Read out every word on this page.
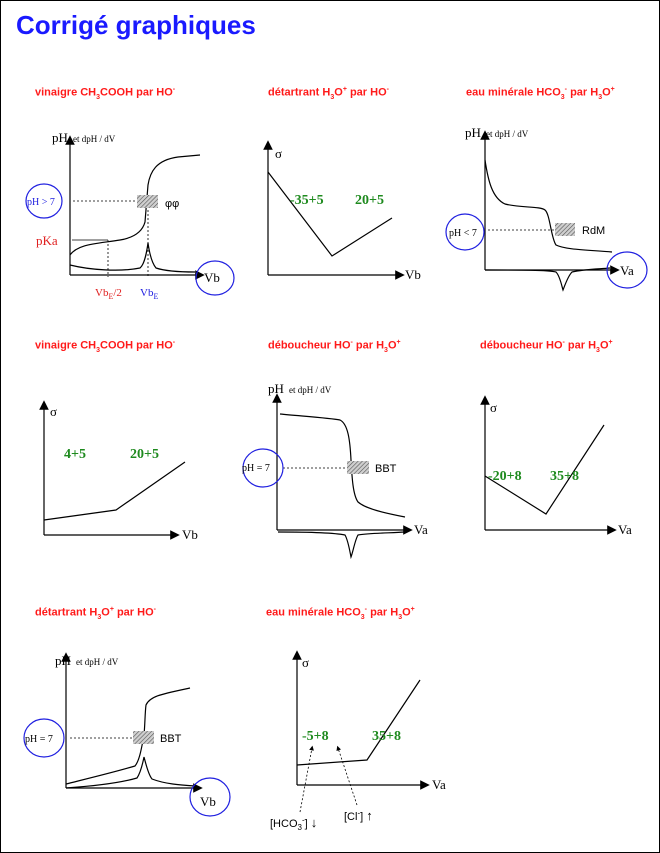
Corrigé graphiques
vinaigre $CH_3COOH$ par HO-	détartrant $H_3O^+$ par HO-	eau minérale $HCO_3^-$ par $H_3O^+$
vinaigre $CH_3COOH$ par HO-	déboucheur HO- par $H_3O^+$	déboucheur HO- par $H_3O^+$
détartrant $H_3O^+$ par HO-	eau minérale $HCO_3^-$ par $H_3O^+$
pH et dpH / dV
φφ
pH > 7
pKa
Vb
$Vb_E/2$ $Vb_E$
σ
Vb
-35+5 20+5
pH et dpH / dV
RdM
pH < 7
Va
σ
Vb
4+5	20+5
pH et dpH / dV
BBT
pH = 7
Va
σ
Va
-20+8 35+8
pH et dpH / dV
BBT
pH = 7
Vb
σ
Va
-5+8	35+8
$[HCO_3^-]$ ↓ [Cl-] ↑
